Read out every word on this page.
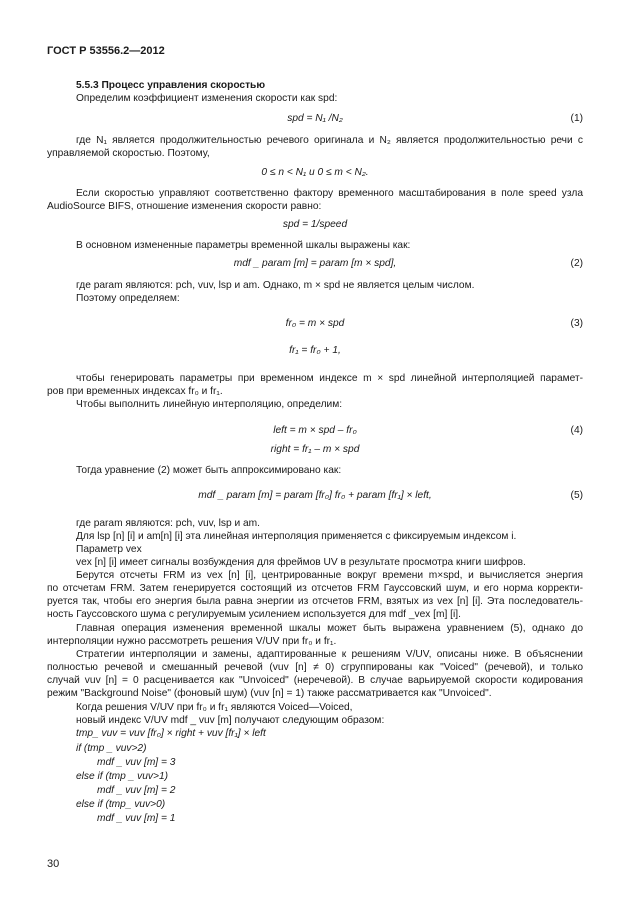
ГОСТ Р 53556.2—2012
5.5.3 Процесс управления скоростью
Определим коэффициент изменения скорости как spd:
spd = N₁ /N₂	(1)
где N₁ является продолжительностью речевого оригинала и N₂ является продолжительностью речи с
управляемой скоростью. Поэтому,
0 ≤ n < N₁ и 0 ≤ m < N₂.
Если скоростью управляют соответственно фактору временного масштабирования в поле speed узла
AudioSource BIFS, отношение изменения скорости равно:
spd = 1/speed
В основном измененные параметры временной шкалы выражены как:
mdf _ param [m] = param [m × spd],	(2)
где param являются: pch, vuv, lsp и am. Однако, m × spd не является целым числом.
Поэтому определяем:
fr₀ = m × spd	(3)
fr₁ = fr₀ + 1,
чтобы генерировать параметры при временном индексе m × spd линейной интерполяцией парамет-
ров при временных индексах fr₀ и fr₁.
Чтобы выполнить линейную интерполяцию, определим:
left = m × spd – fr₀	(4)
right = fr₁ – m × spd
Тогда уравнение (2) может быть аппроксимировано как:
mdf _ param [m] = param [fr₀] fr₀ + param [fr₁] × left,	(5)
где param являются: pch, vuv, lsp и am.
Для lsp [n] [i] и am[n] [i] эта линейная интерполяция применяется с фиксируемым индексом i.
Параметр vex
vex [n] [i] имеет сигналы возбуждения для фреймов UV в результате просмотра книги шифров.
Берутся отсчеты FRM из vex [n] [i], центрированные вокруг времени m×spd, и вычисляется энергия
по отсчетам FRM. Затем генерируется состоящий из отсчетов FRM Гауссовский шум, и его норма корректи-
руется так, чтобы его энергия была равна энергии из отсчетов FRM, взятых из vex [n] [i]. Эта последователь-
ность Гауссовского шума с регулируемым усилением используется для mdf _vex [m] [i].
Главная операция изменения временной шкалы может быть выражена уравнением (5), однако до
интерполяции нужно рассмотреть решения V/UV при fr₀ и fr₁.
Стратегии интерполяции и замены, адаптированные к решениям V/UV, описаны ниже. В объяснении
полностью речевой и смешанный речевой (vuv [n] ≠ 0) сгруппированы как "Voiced" (речевой), и только
случай vuv [n] = 0 расценивается как "Unvoiced" (неречевой). В случае варьируемой скорости кодирования
режим "Background Noise" (фоновый шум) (vuv [n] = 1) также рассматривается как "Unvoiced".
Когда решения V/UV при fr₀ и fr₁ являются Voiced—Voiced,
новый индекс V/UV mdf _ vuv [m] получают следующим образом:
tmp_ vuv = vuv [fr₀] × right + vuv [fr₁] × left
if (tmp _ vuv>2)
mdf _ vuv [m] = 3
else if (tmp _ vuv>1)
mdf _ vuv [m] = 2
else if (tmp_ vuv>0)
mdf _ vuv [m] = 1
30
